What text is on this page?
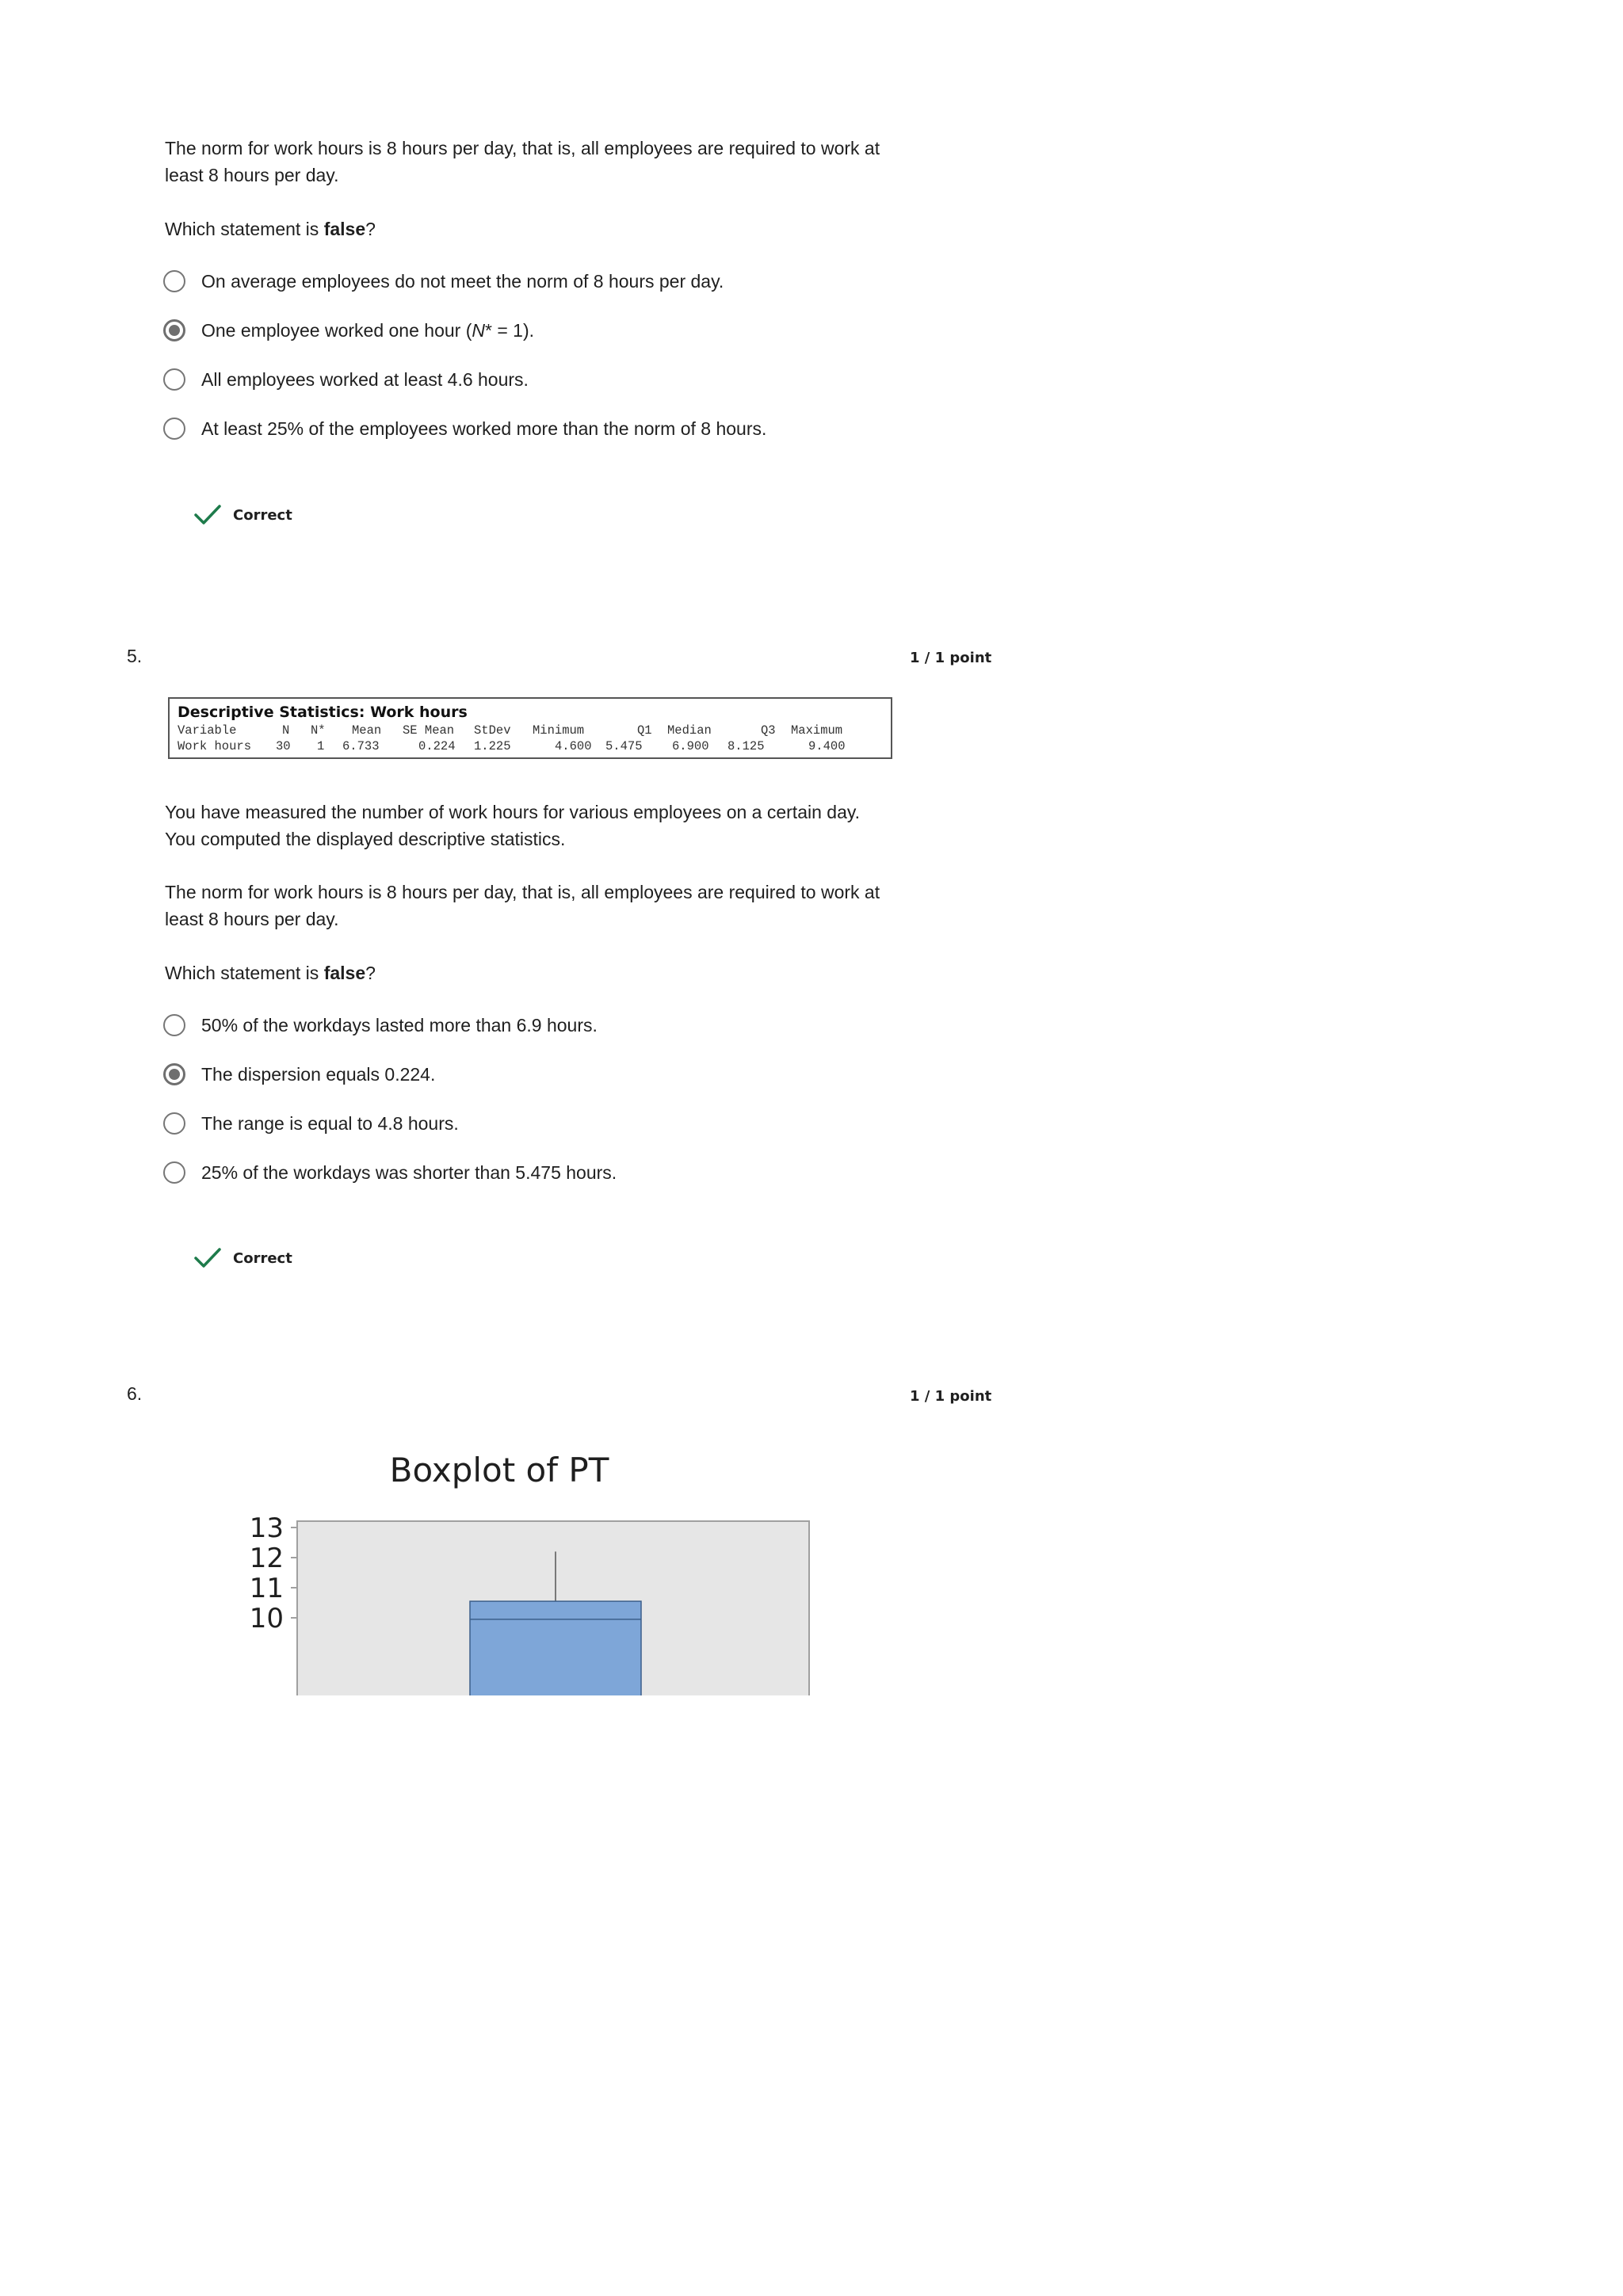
The norm for work hours is 8 hours per day, that is, all employees are required to work at
least 8 hours per day.
Which statement is false?
On average employees do not meet the norm of 8 hours per day.
One employee worked one hour (N* = 1).
All employees worked at least 4.6 hours.
At least 25% of the employees worked more than the norm of 8 hours.
Correct
5.	1 / 1 point
Descriptive Statistics: Work hours
Variable	N N* Mean SE Mean StDev Minimum	Q1 Median	Q3 Maximum
Work hours 30 1 6.733	0.224 1.225	4.600 5.475 6.900 8.125	9.400
You have measured the number of work hours for various employees on a certain day.
You computed the displayed descriptive statistics.
The norm for work hours is 8 hours per day, that is, all employees are required to work at
least 8 hours per day.
Which statement is false?
50% of the workdays lasted more than 6.9 hours.
The dispersion equals 0.224.
The range is equal to 4.8 hours.
25% of the workdays was shorter than 5.475 hours.
Correct
6.	1 / 1 point
Boxplot of PT
13
12
11
10
